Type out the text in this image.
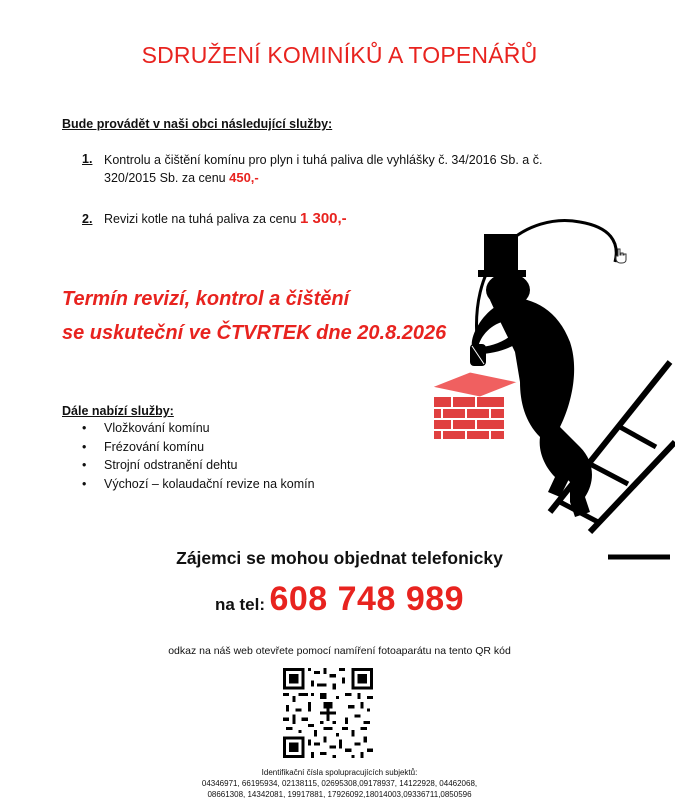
SDRUŽENÍ KOMINÍKŮ A TOPENÁŘŮ
Bude provádět v naši obci následující služby:
1. Kontrolu a čištění komínu pro plyn i tuhá paliva dle vyhlášky č. 34/2016 Sb. a č.
320/2015 Sb. za cenu 450,-
2. Revizi kotle na tuhá paliva za cenu 1 300,-
Termín revizí, kontrol a čištění
se uskuteční ve ČTVRTEK dne 20.8.2026
Dále nabízí služby:
• Vložkování komínu
• Frézování komínu
• Strojní odstranění dehtu
• Výchozí – kolaudační revize na komín
Zájemci se mohou objednat telefonicky
na tel: 608 748 989
odkaz na náš web otevřete pomocí namíření fotoaparátu na tento QR kód
Identifikační čísla spolupracujících subjektů:
04346971, 66195934, 02138115, 02695308,09178937, 14122928, 04462068,
08661308, 14342081, 19917881, 17926092,18014003,09336711,0850596
